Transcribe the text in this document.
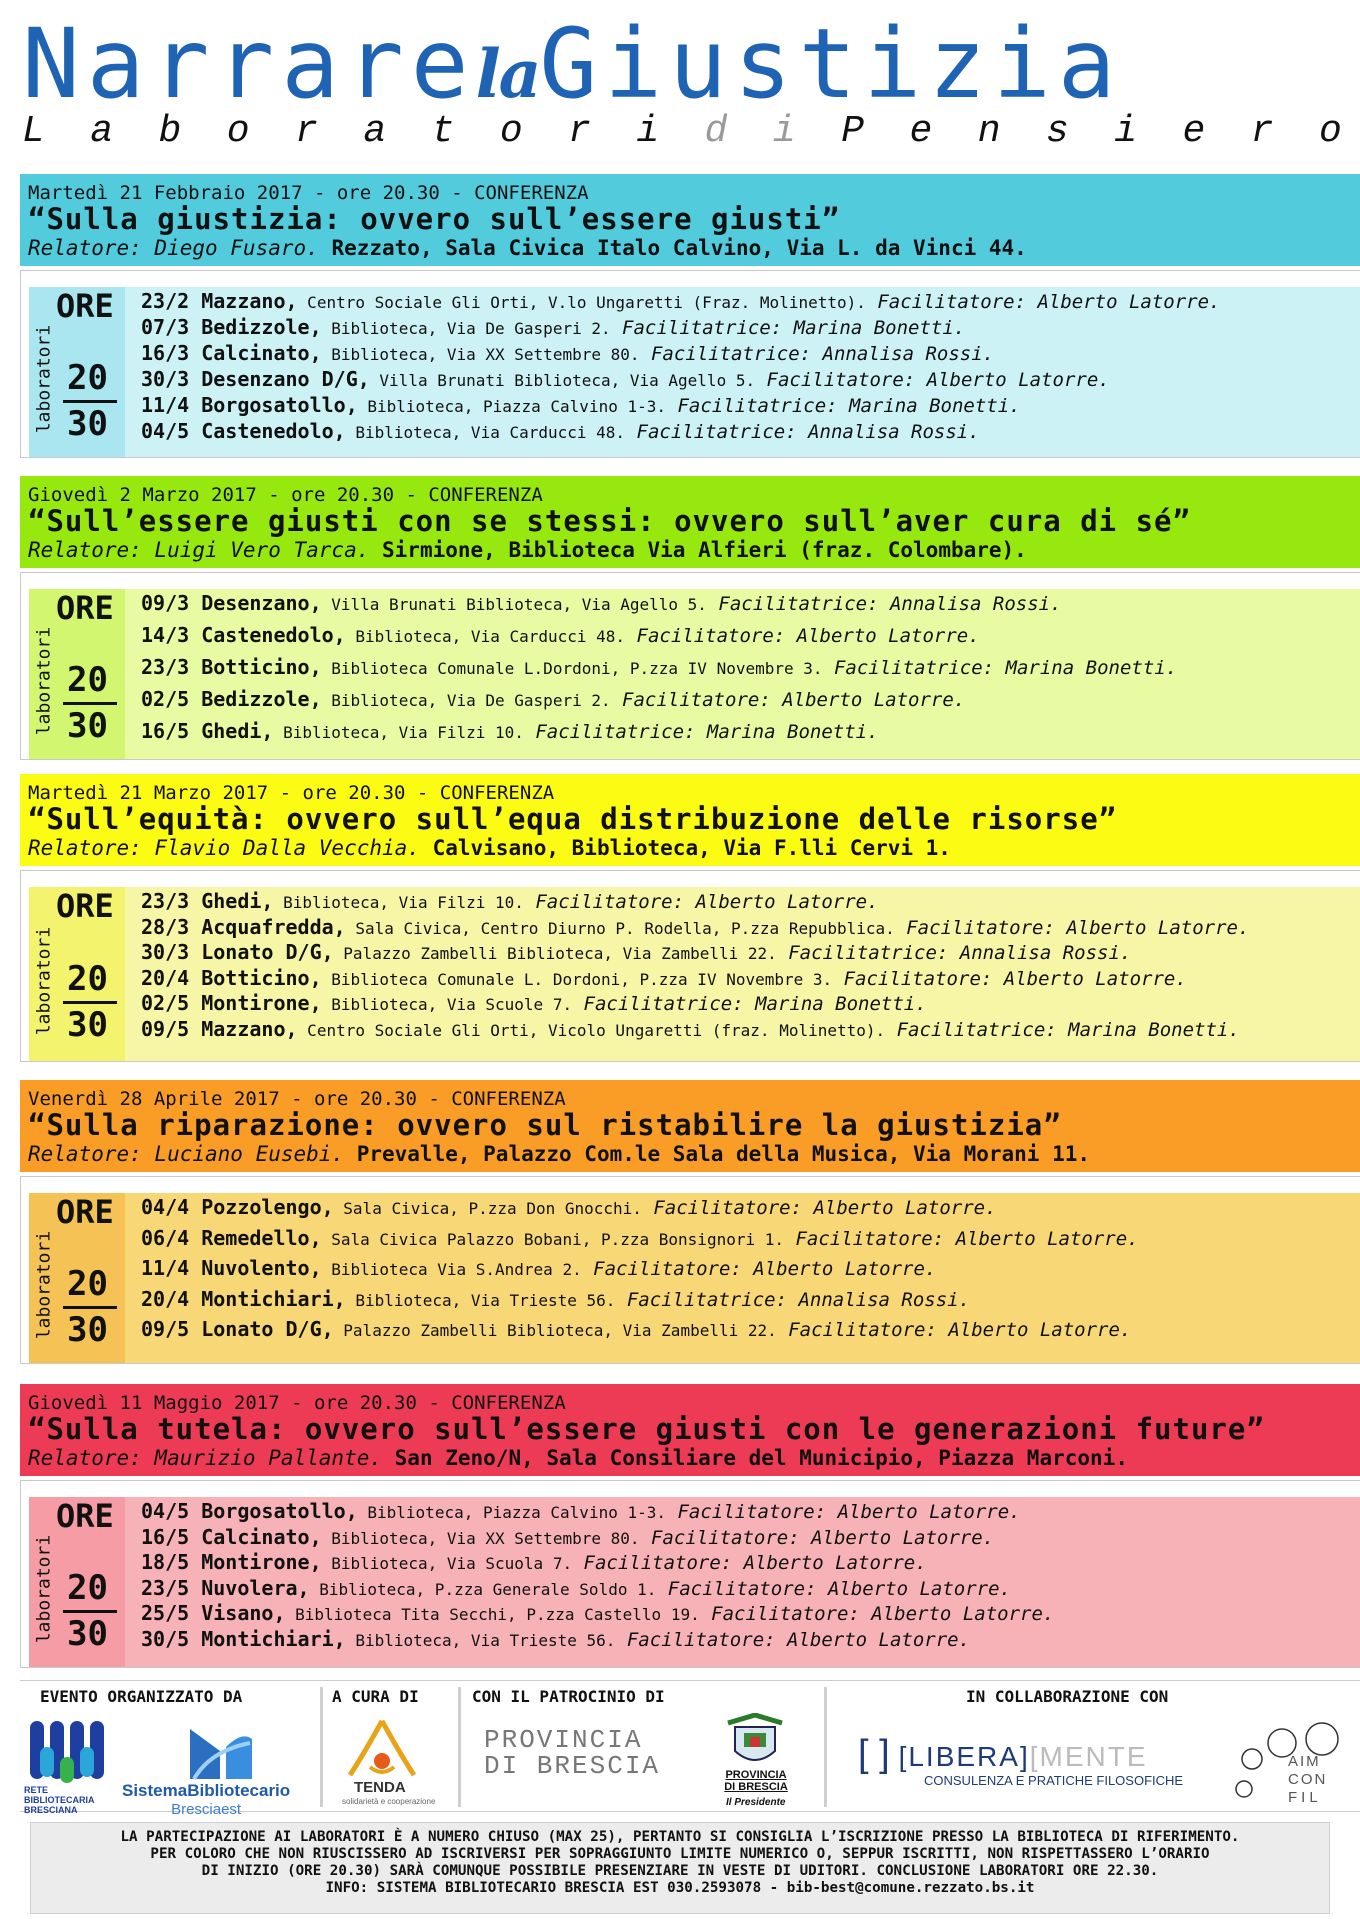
NarrarelaGiustizia
L a b o r a t o r i d i P e n s i e r o
Martedì 21 Febbraio 2017 - ore 20.30 - CONFERENZA
“Sulla giustizia: ovvero sull’essere giusti”
Relatore: Diego Fusaro. Rezzato, Sala Civica Italo Calvino, Via L. da Vinci 44.
laboratori
ORE
20
30
23/2 Mazzano, Centro Sociale Gli Orti, V.lo Ungaretti (Fraz. Molinetto). Facilitatore: Alberto Latorre.
07/3 Bedizzole, Biblioteca, Via De Gasperi 2. Facilitatrice: Marina Bonetti.
16/3 Calcinato, Biblioteca, Via XX Settembre 80. Facilitatrice: Annalisa Rossi.
30/3 Desenzano D/G, Villa Brunati Biblioteca, Via Agello 5. Facilitatore: Alberto Latorre.
11/4 Borgosatollo, Biblioteca, Piazza Calvino 1-3. Facilitatrice: Marina Bonetti.
04/5 Castenedolo, Biblioteca, Via Carducci 48. Facilitatrice: Annalisa Rossi.
Giovedì 2 Marzo 2017 - ore 20.30 - CONFERENZA
“Sull’essere giusti con se stessi: ovvero sull’aver cura di sé”
Relatore: Luigi Vero Tarca. Sirmione, Biblioteca Via Alfieri (fraz. Colombare).
laboratori
ORE
20
30
09/3 Desenzano, Villa Brunati Biblioteca, Via Agello 5. Facilitatrice: Annalisa Rossi.
14/3 Castenedolo, Biblioteca, Via Carducci 48. Facilitatore: Alberto Latorre.
23/3 Botticino, Biblioteca Comunale L.Dordoni, P.zza IV Novembre 3. Facilitatrice: Marina Bonetti.
02/5 Bedizzole, Biblioteca, Via De Gasperi 2. Facilitatore: Alberto Latorre.
16/5 Ghedi, Biblioteca, Via Filzi 10. Facilitatrice: Marina Bonetti.
Martedì 21 Marzo 2017 - ore 20.30 - CONFERENZA
“Sull’equità: ovvero sull’equa distribuzione delle risorse”
Relatore: Flavio Dalla Vecchia. Calvisano, Biblioteca, Via F.lli Cervi 1.
laboratori
ORE
20
30
23/3 Ghedi, Biblioteca, Via Filzi 10. Facilitatore: Alberto Latorre.
28/3 Acquafredda, Sala Civica, Centro Diurno P. Rodella, P.zza Repubblica. Facilitatore: Alberto Latorre.
30/3 Lonato D/G, Palazzo Zambelli Biblioteca, Via Zambelli 22. Facilitatrice: Annalisa Rossi.
20/4 Botticino, Biblioteca Comunale L. Dordoni, P.zza IV Novembre 3. Facilitatore: Alberto Latorre.
02/5 Montirone, Biblioteca, Via Scuole 7. Facilitatrice: Marina Bonetti.
09/5 Mazzano, Centro Sociale Gli Orti, Vicolo Ungaretti (fraz. Molinetto). Facilitatrice: Marina Bonetti.
Venerdì 28 Aprile 2017 - ore 20.30 - CONFERENZA
“Sulla riparazione: ovvero sul ristabilire la giustizia”
Relatore: Luciano Eusebi. Prevalle, Palazzo Com.le Sala della Musica, Via Morani 11.
laboratori
ORE
20
30
04/4 Pozzolengo, Sala Civica, P.zza Don Gnocchi. Facilitatore: Alberto Latorre.
06/4 Remedello, Sala Civica Palazzo Bobani, P.zza Bonsignori 1. Facilitatore: Alberto Latorre.
11/4 Nuvolento, Biblioteca Via S.Andrea 2. Facilitatore: Alberto Latorre.
20/4 Montichiari, Biblioteca, Via Trieste 56. Facilitatrice: Annalisa Rossi.
09/5 Lonato D/G, Palazzo Zambelli Biblioteca, Via Zambelli 22. Facilitatore: Alberto Latorre.
Giovedì 11 Maggio 2017 - ore 20.30 - CONFERENZA
“Sulla tutela: ovvero sull’essere giusti con le generazioni future”
Relatore: Maurizio Pallante. San Zeno/N, Sala Consiliare del Municipio, Piazza Marconi.
laboratori
ORE
20
30
04/5 Borgosatollo, Biblioteca, Piazza Calvino 1-3. Facilitatore: Alberto Latorre.
16/5 Calcinato, Biblioteca, Via XX Settembre 80. Facilitatore: Alberto Latorre.
18/5 Montirone, Biblioteca, Via Scuola 7. Facilitatore: Alberto Latorre.
23/5 Nuvolera, Biblioteca, P.zza Generale Soldo 1. Facilitatore: Alberto Latorre.
25/5 Visano, Biblioteca Tita Secchi, P.zza Castello 19. Facilitatore: Alberto Latorre.
30/5 Montichiari, Biblioteca, Via Trieste 56. Facilitatore: Alberto Latorre.
EVENTO ORGANIZZATO DA
RETE BIBLIOTECARIA BRESCIANA
SistemaBibliotecario

Bresciaest
A CURA DI
TENDA
solidarietà e cooperazione
CON IL PATROCINIO DI
PROVINCIA
DI BRESCIA	PROVINCIA
DI BRESCIA
Il Presidente
IN COLLABORAZIONE CON
[ ] [LIBERA][MENTE
CONSULENZA E PRATICHE FILOSOFICHE
AIM
CON
FIL
LA PARTECIPAZIONE AI LABORATORI È A NUMERO CHIUSO (MAX 25), PERTANTO SI CONSIGLIA L’ISCRIZIONE PRESSO LA BIBLIOTECA DI RIFERIMENTO.
PER COLORO CHE NON RIUSCISSERO AD ISCRIVERSI PER SOPRAGGIUNTO LIMITE NUMERICO O, SEPPUR ISCRITTI, NON RISPETTASSERO L’ORARIO
DI INIZIO (ORE 20.30) SARÀ COMUNQUE POSSIBILE PRESENZIARE IN VESTE DI UDITORI. CONCLUSIONE LABORATORI ORE 22.30.
INFO: SISTEMA BIBLIOTECARIO BRESCIA EST 030.2593078 - bib-best@comune.rezzato.bs.it
